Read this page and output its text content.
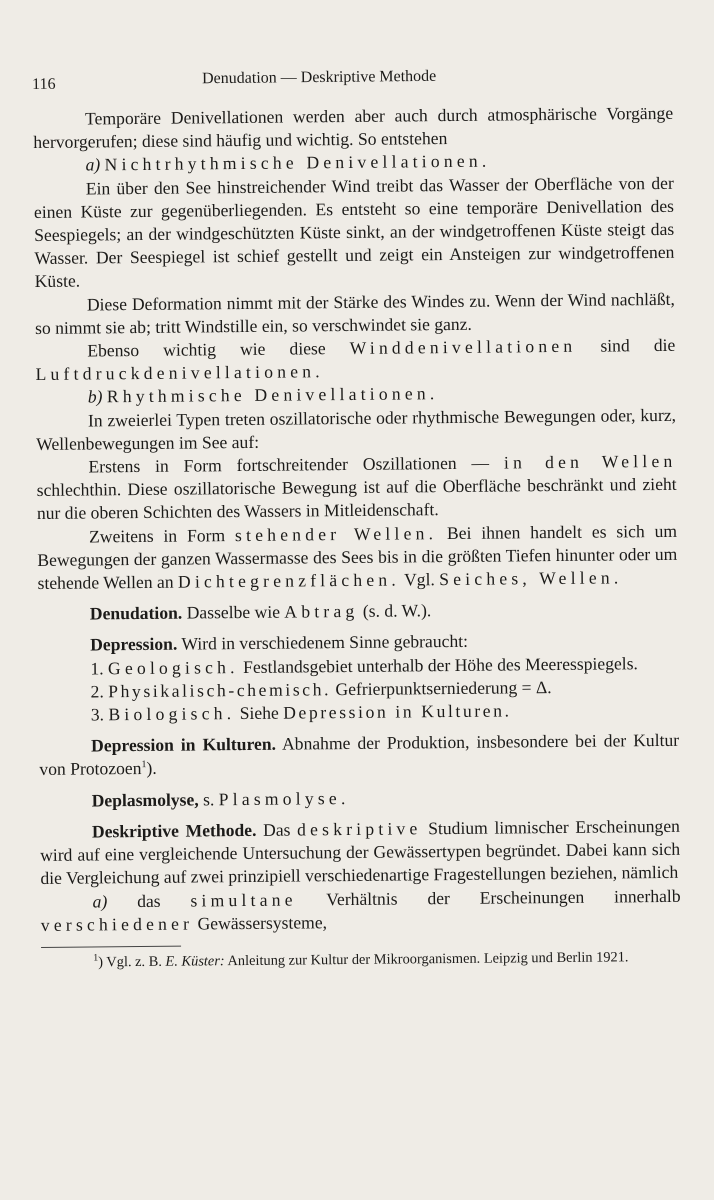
116	Denudation — Deskriptive Methode

Temporäre Denivellationen werden aber auch durch atmosphärische Vorgänge hervorgerufen; diese sind häufig und wichtig. So entstehen

a) Nichtrhythmische Denivellationen.

Ein über den See hinstreichender Wind treibt das Wasser der Oberfläche von der einen Küste zur gegenüberliegenden. Es entsteht so eine temporäre Denivellation des Seespiegels; an der windgeschützten Küste sinkt, an der windgetroffenen Küste steigt das Wasser. Der Seespiegel ist schief gestellt und zeigt ein Ansteigen zur windgetroffenen Küste.

Diese Deformation nimmt mit der Stärke des Windes zu. Wenn der Wind nachläßt, so nimmt sie ab; tritt Windstille ein, so verschwindet sie ganz.

Ebenso wichtig wie diese Winddenivellationen sind die Luftdruckdenivellationen.

b) Rhythmische Denivellationen.

In zweierlei Typen treten oszillatorische oder rhythmische Bewegungen oder, kurz, Wellenbewegungen im See auf:

Erstens in Form fortschreitender Oszillationen — in den Wellen schlechthin. Diese oszillatorische Bewegung ist auf die Oberfläche beschränkt und zieht nur die oberen Schichten des Wassers in Mitleidenschaft.

Zweitens in Form stehender Wellen. Bei ihnen handelt es sich um Bewegungen der ganzen Wassermasse des Sees bis in die größten Tiefen hinunter oder um stehende Wellen an Dichtegrenzflächen. Vgl. Seiches, Wellen.

Denudation. Dasselbe wie Abtrag (s. d. W.).

Depression. Wird in verschiedenem Sinne gebraucht:

1. Geologisch. Festlandsgebiet unterhalb der Höhe des Meeresspiegels.

2. Physikalisch-chemisch. Gefrierpunktserniederung = Δ.

3. Biologisch. Siehe Depression in Kulturen.

Depression in Kulturen. Abnahme der Produktion, insbesondere bei der Kultur von Protozoen$^1$).

Deplasmolyse, s. Plasmolyse.

Deskriptive Methode. Das deskriptive Studium limnischer Erscheinungen wird auf eine vergleichende Untersuchung der Gewässertypen begründet. Dabei kann sich die Vergleichung auf zwei prinzipiell verschiedenartige Fragestellungen beziehen, nämlich

a) das simultane Verhältnis der Erscheinungen innerhalb verschiedener Gewässersysteme,

$^1$) Vgl. z. B. E. Küster: Anleitung zur Kultur der Mikroorganismen. Leipzig und Berlin 1921.
